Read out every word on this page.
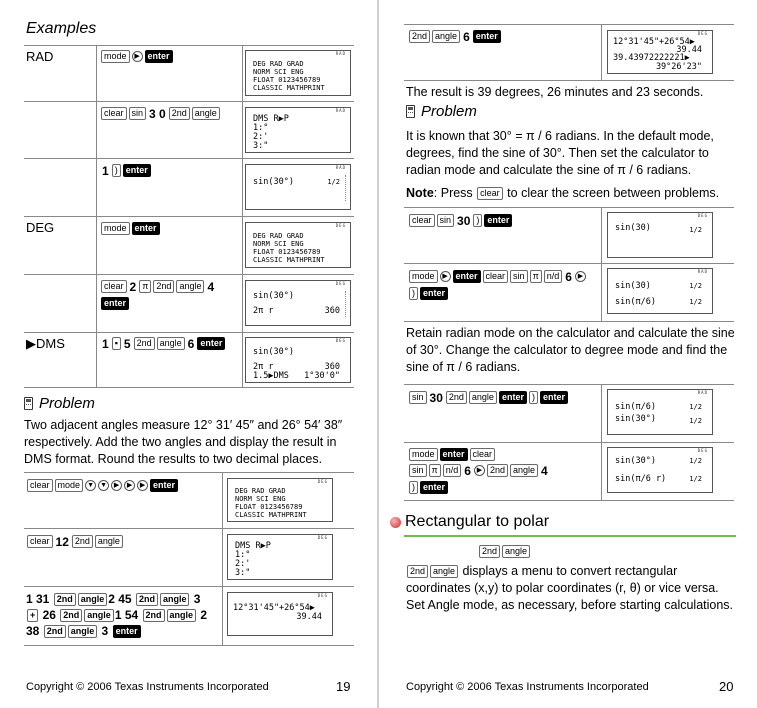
Examples
RAD	mode ▶ enter	RAD
DEG RAD GRAD
NORM SCI ENG
FLOAT 0123456789
CLASSIC MATHPRINT
clear sin 3 0 2nd angle	RAD
DMS R▶P
1:°
2:'
3:"
1 ) enter	RAD
sin(30°)	1/2
DEG	mode enter	DEG
DEG RAD GRAD
NORM SCI ENG
FLOAT 0123456789
CLASSIC MATHPRINT
clear 2 π 2nd angle 4
enter
DEG
sin(30°)
2π r	360
▶DMS	1 ▪ 5 2nd angle 6 enter	DEG
sin(30°)
2π r	360
1.5▶DMS 1°30'0"
Problem
Two adjacent angles measure 12° 31′ 45″ and 26° 54′ 38″ respectively. Add the two angles and display the result in DMS format. Round the results to two decimal places.
clear mode ▼ ▼ ▶ ▶ ▶ enter	DEG
DEG RAD GRAD
NORM SCI ENG
FLOAT 0123456789
CLASSIC MATHPRINT
clear 12 2nd angle	DEG
DMS R▶P
1:°
2:'
3:"
1 31 2nd angle 2 45 2nd angle 3
+ 26 2nd angle 1 54 2nd angle 2
38 2nd angle 3 enter
DEG
12°31'45"+26°54▶
39.44
Copyright © 2006 Texas Instruments Incorporated	19
2nd angle 6 enter	DEG
12°31'45"+26°54▶
39.44
39.43972222221▶
39°26'23"
The result is 39 degrees, 26 minutes and 23 seconds.
Problem
It is known that 30° = π / 6 radians. In the default mode, degrees, find the sine of 30°. Then set the calculator to radian mode and calculate the sine of π / 6 radians.
Note: Press clear to clear the screen between problems.
clear sin 30 ) enter	DEG
sin(30)	1/2
mode ▶ enter clear sin π n/d 6 ▶
) enter
RAD
sin(30)	1/2
sin(π/6)	1/2
Retain radian mode on the calculator and calculate the sine of 30°. Change the calculator to degree mode and find the sine of π / 6 radians.
sin 30 2nd angle enter ) enter	RAD
sin(π/6)	1/2
sin(30°)	1/2
mode enter clear
sin π n/d 6 ▶ 2nd angle 4
) enter
DEG
sin(30°)	1/2
sin(π/6 r)	1/2
Rectangular to polar
2nd angle
2nd angle displays a menu to convert rectangular coordinates (x,y) to polar coordinates (r, θ) or vice versa. Set Angle mode, as necessary, before starting calculations.
Copyright © 2006 Texas Instruments Incorporated	20
